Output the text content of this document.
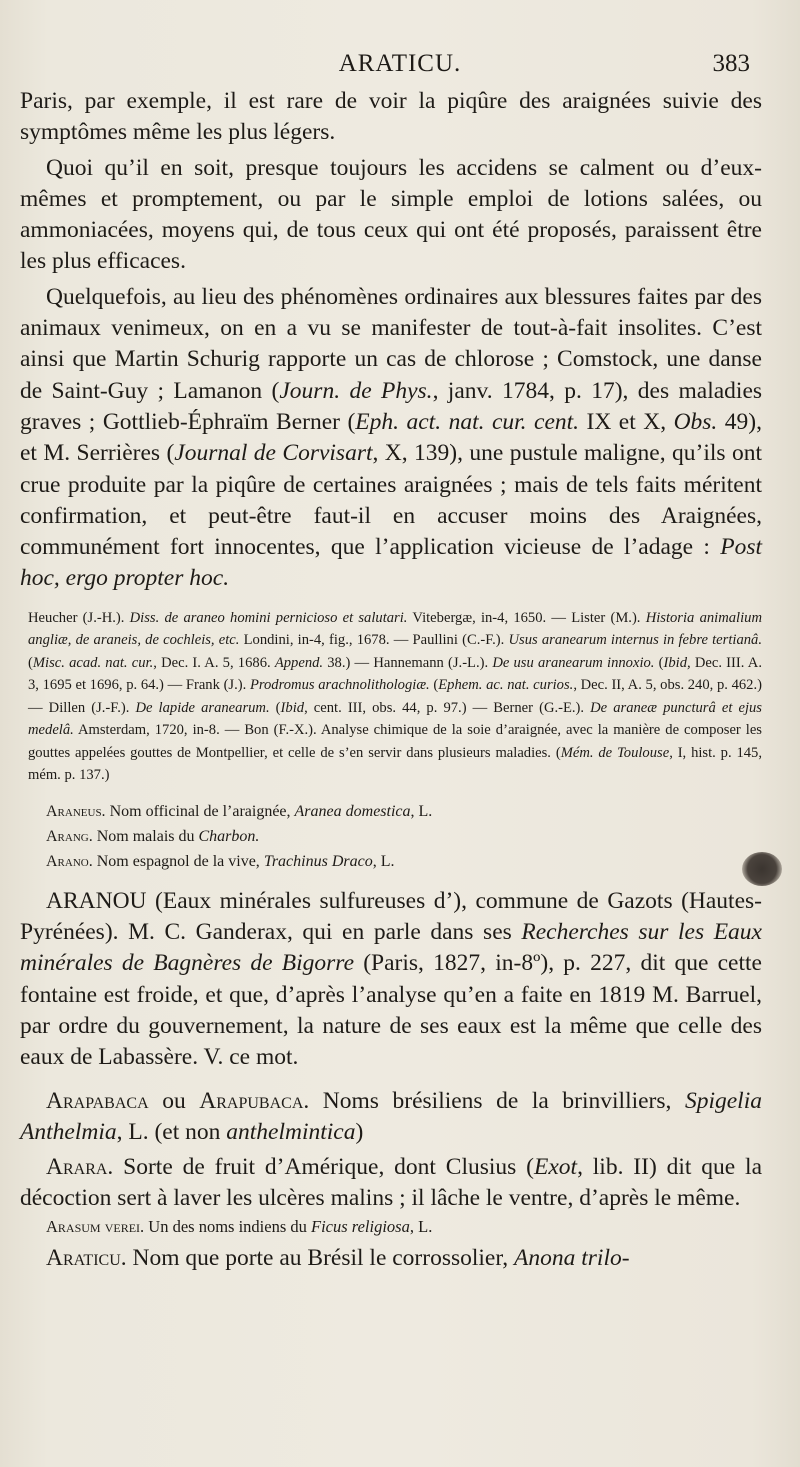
ARATICU.	383

Paris, par exemple, il est rare de voir la piqûre des araignées suivie des symptômes même les plus légers.

Quoi qu’il en soit, presque toujours les accidens se calment ou d’eux-mêmes et promptement, ou par le simple emploi de lotions salées, ou ammoniacées, moyens qui, de tous ceux qui ont été proposés, paraissent être les plus efficaces.

Quelquefois, au lieu des phénomènes ordinaires aux blessures faites par des animaux venimeux, on en a vu se manifester de tout-à-fait insolites. C’est ainsi que Martin Schurig rapporte un cas de chlorose ; Comstock, une danse de Saint-Guy ; Lamanon (Journ. de Phys., janv. 1784, p. 17), des maladies graves ; Gottlieb-Éphraïm Berner (Eph. act. nat. cur. cent. IX et X, Obs. 49), et M. Serrières (Journal de Corvisart, X, 139), une pustule maligne, qu’ils ont crue produite par la piqûre de certaines araignées ; mais de tels faits méritent confirmation, et peut-être faut-il en accuser moins des Araignées, communément fort innocentes, que l’application vicieuse de l’adage : Post hoc, ergo propter hoc.

Heucher (J.-H.). Diss. de araneo homini pernicioso et salutari. Vitebergæ, in-4, 1650. — Lister (M.). Historia animalium angliæ, de araneis, de cochleis, etc. Londini, in-4, fig., 1678. — Paullini (C.-F.). Usus aranearum internus in febre tertianâ. (Misc. acad. nat. cur., Dec. I. A. 5, 1686. Append. 38.) — Hannemann (J.-L.). De usu aranearum innoxio. (Ibid, Dec. III. A. 3, 1695 et 1696, p. 64.) — Frank (J.). Prodromus arachnolithologiæ. (Ephem. ac. nat. curios., Dec. II, A. 5, obs. 240, p. 462.) — Dillen (J.-F.). De lapide aranearum. (Ibid, cent. III, obs. 44, p. 97.) — Berner (G.-E.). De araneæ puncturâ et ejus medelâ. Amsterdam, 1720, in-8. — Bon (F.-X.). Analyse chimique de la soie d’araignée, avec la manière de composer les gouttes appelées gouttes de Montpellier, et celle de s’en servir dans plusieurs maladies. (Mém. de Toulouse, I, hist. p. 145, mém. p. 137.)

Araneus. Nom officinal de l’araignée, Aranea domestica, L.

Arang. Nom malais du Charbon.

Arano. Nom espagnol de la vive, Trachinus Draco, L.

ARANOU (Eaux minérales sulfureuses d’), commune de Gazots (Hautes-Pyrénées). M. C. Ganderax, qui en parle dans ses Recherches sur les Eaux minérales de Bagnères de Bigorre (Paris, 1827, in-8º), p. 227, dit que cette fontaine est froide, et que, d’après l’analyse qu’en a faite en 1819 M. Barruel, par ordre du gouvernement, la nature de ses eaux est la même que celle des eaux de Labassère. V. ce mot.

Arapabaca ou Arapubaca. Noms brésiliens de la brinvilliers, Spigelia Anthelmia, L. (et non anthelmintica)

Arara. Sorte de fruit d’Amérique, dont Clusius (Exot, lib. II) dit que la décoction sert à laver les ulcères malins ; il lâche le ventre, d’après le même.

Arasum verei. Un des noms indiens du Ficus religiosa, L.

Araticu. Nom que porte au Brésil le corrossolier, Anona trilo-
